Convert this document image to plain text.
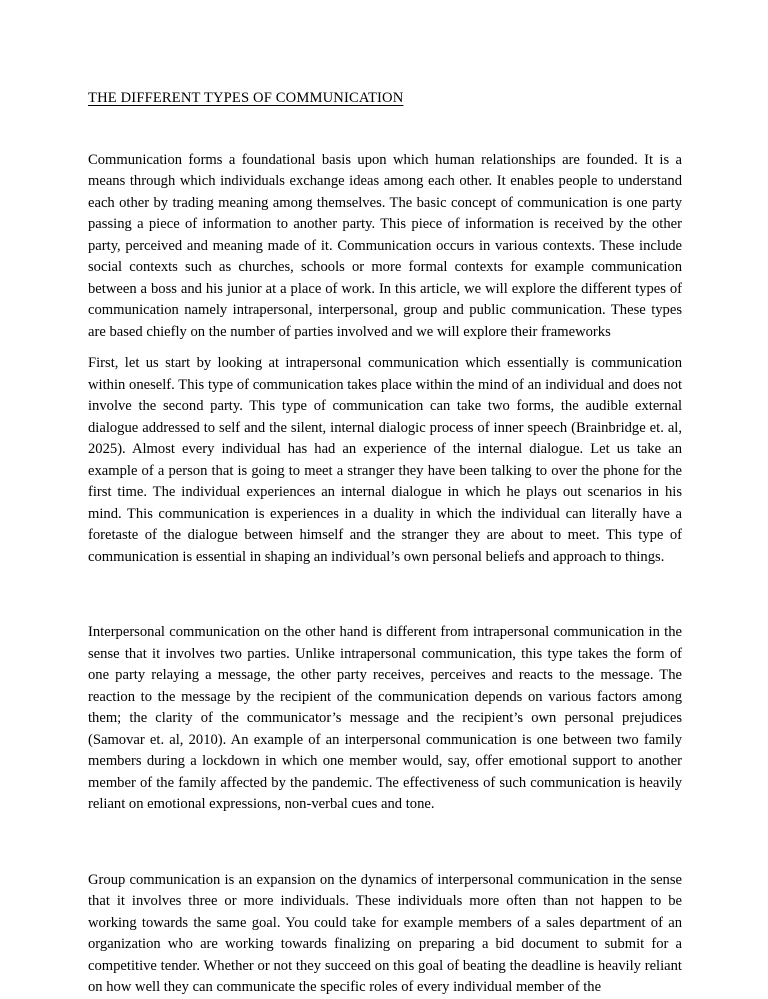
THE DIFFERENT TYPES OF COMMUNICATION

Communication forms a foundational basis upon which human relationships are founded. It is a means through which individuals exchange ideas among each other. It enables people to understand each other by trading meaning among themselves. The basic concept of communication is one party passing a piece of information to another party. This piece of information is received by the other party, perceived and meaning made of it. Communication occurs in various contexts. These include social contexts such as churches, schools or more formal contexts for example communication between a boss and his junior at a place of work. In this article, we will explore the different types of communication namely intrapersonal, interpersonal, group and public communication. These types are based chiefly on the number of parties involved and we will explore their frameworks

First, let us start by looking at intrapersonal communication which essentially is communication within oneself. This type of communication takes place within the mind of an individual and does not involve the second party. This type of communication can take two forms, the audible external dialogue addressed to self and the silent, internal dialogic process of inner speech (Brainbridge et. al, 2025). Almost every individual has had an experience of the internal dialogue. Let us take an example of a person that is going to meet a stranger they have been talking to over the phone for the first time. The individual experiences an internal dialogue in which he plays out scenarios in his mind. This communication is experiences in a duality in which the individual can literally have a foretaste of the dialogue between himself and the stranger they are about to meet. This type of communication is essential in shaping an individual’s own personal beliefs and approach to things.

Interpersonal communication on the other hand is different from intrapersonal communication in the sense that it involves two parties. Unlike intrapersonal communication, this type takes the form of one party relaying a message, the other party receives, perceives and reacts to the message. The reaction to the message by the recipient of the communication depends on various factors among them; the clarity of the communicator’s message and the recipient’s own personal prejudices (Samovar et. al, 2010). An example of an interpersonal communication is one between two family members during a lockdown in which one member would, say, offer emotional support to another member of the family affected by the pandemic. The effectiveness of such communication is heavily reliant on emotional expressions, non-verbal cues and tone.

Group communication is an expansion on the dynamics of interpersonal communication in the sense that it involves three or more individuals. These individuals more often than not happen to be working towards the same goal. You could take for example members of a sales department of an organization who are working towards finalizing on preparing a bid document to submit for a competitive tender. Whether or not they succeed on this goal of beating the deadline is heavily reliant on how well they can communicate the specific roles of every individual member of the
